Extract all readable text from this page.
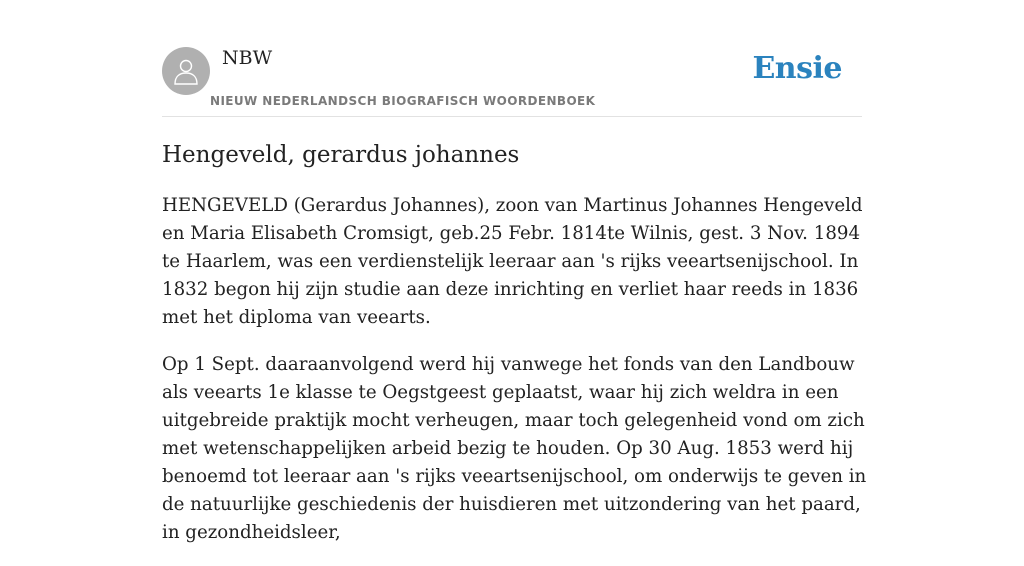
NBW
NIEUW NEDERLANDSCH BIOGRAFISCH WOORDENBOEK
Ensie
Hengeveld, gerardus johannes

HENGEVELD (Gerardus Johannes), zoon van Martinus Johannes Hengeveld en Maria Elisabeth Cromsigt, geb.25 Febr. 1814te Wilnis, gest. 3 Nov. 1894 te Haarlem, was een verdienstelijk leeraar aan 's rijks veeartsenijschool. In 1832 begon hij zijn studie aan deze inrichting en verliet haar reeds in 1836 met het diploma van veearts.

Op 1 Sept. daaraanvolgend werd hij vanwege het fonds van den Landbouw als veearts 1e klasse te Oegstgeest geplaatst, waar hij zich weldra in een uitgebreide praktijk mocht verheugen, maar toch gelegenheid vond om zich met wetenschappelijken arbeid bezig te houden. Op 30 Aug. 1853 werd hij benoemd tot leeraar aan 's rijks veeartsenijschool, om onderwijs te geven in de natuurlijke geschiedenis der huisdieren met uitzondering van het paard, in gezondheidsleer,
